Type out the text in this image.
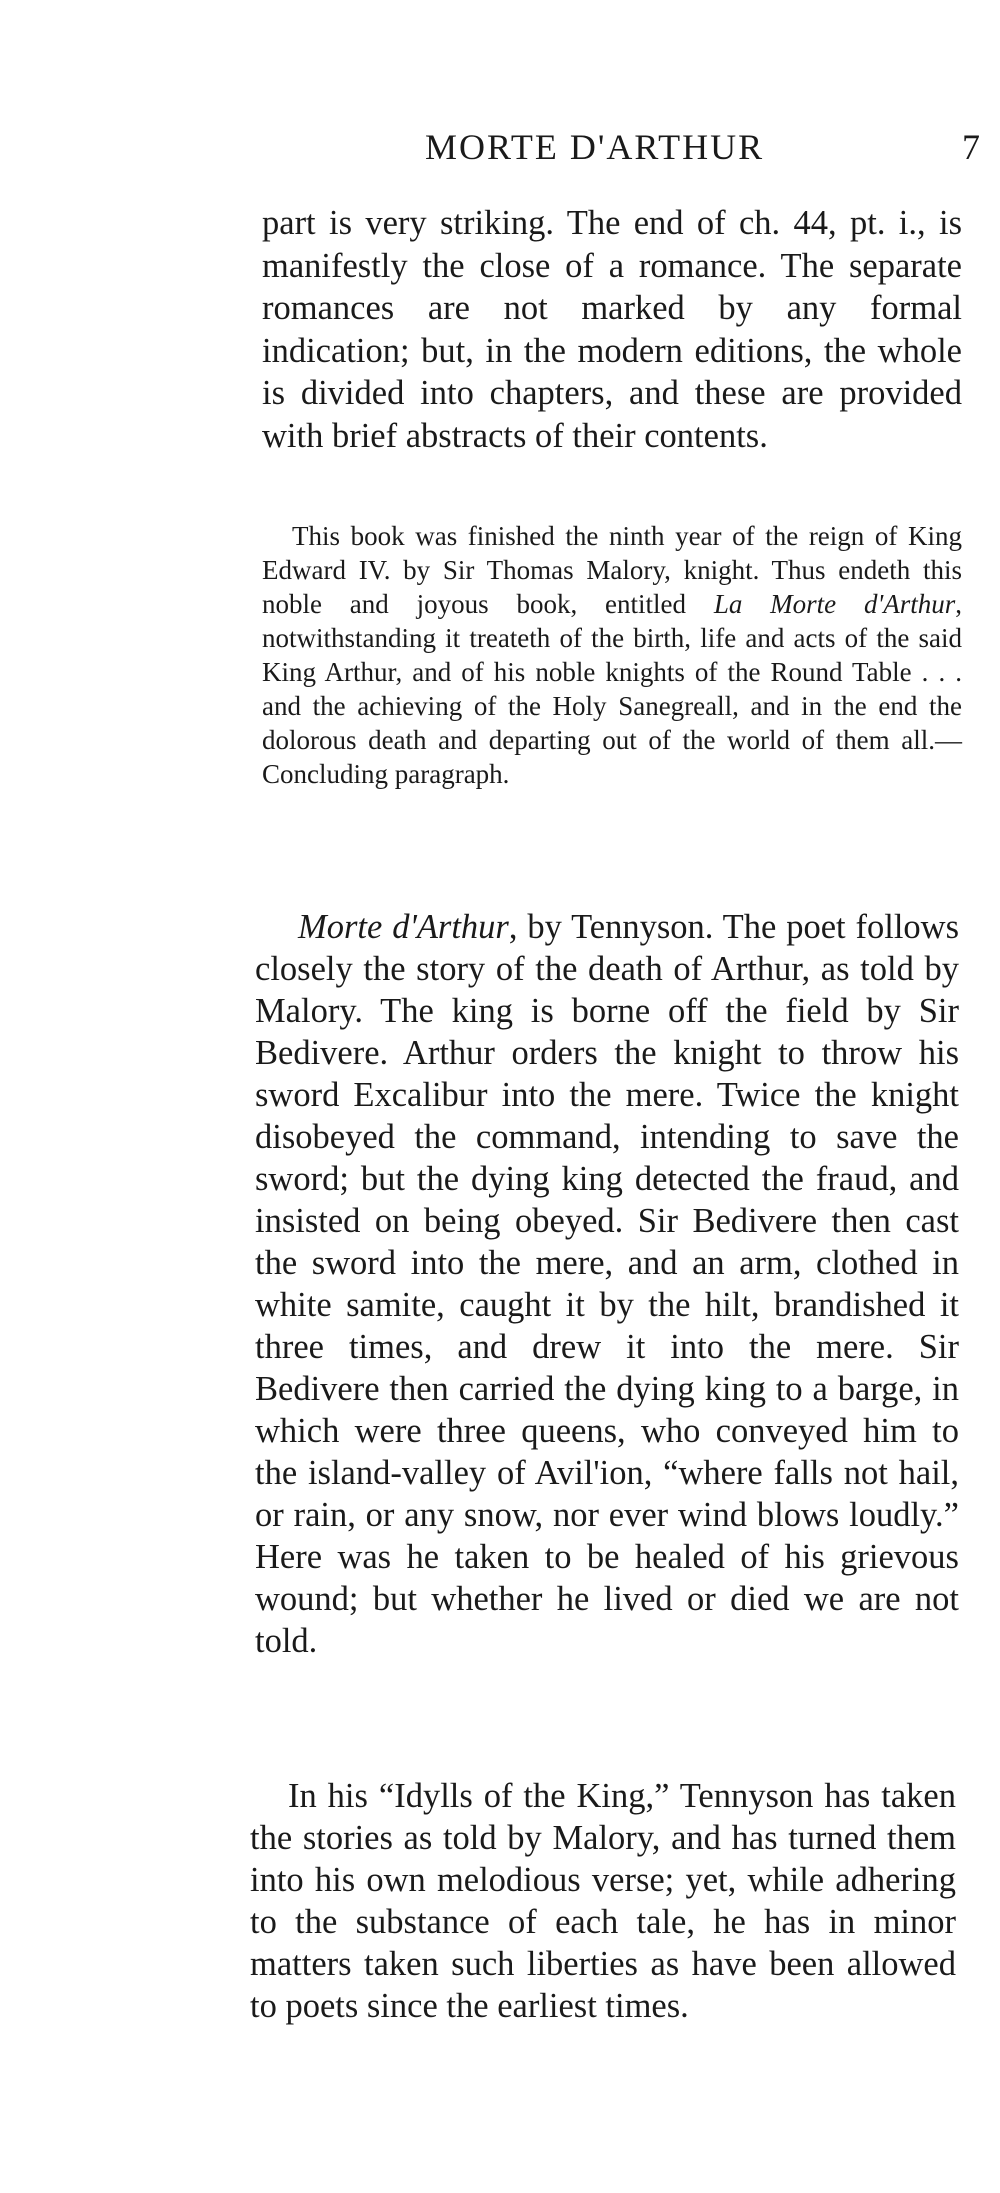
MORTE D'ARTHUR	7

part is very striking. The end of ch. 44, pt. i., is manifestly the close of a romance. The separate romances are not marked by any formal indication; but, in the modern editions, the whole is divided into chapters, and these are provided with brief abstracts of their contents.

This book was finished the ninth year of the reign of King Edward IV. by Sir Thomas Malory, knight. Thus endeth this noble and joyous book, entitled La Morte d'Arthur, notwithstanding it treateth of the birth, life and acts of the said King Arthur, and of his noble knights of the Round Table . . . and the achieving of the Holy Sanegreall, and in the end the dolorous death and departing out of the world of them all.—Concluding paragraph.

Morte d'Arthur, by Tennyson. The poet follows closely the story of the death of Arthur, as told by Malory. The king is borne off the field by Sir Bedivere. Arthur orders the knight to throw his sword Excalibur into the mere. Twice the knight disobeyed the command, intending to save the sword; but the dying king detected the fraud, and insisted on being obeyed. Sir Bedivere then cast the sword into the mere, and an arm, clothed in white samite, caught it by the hilt, brandished it three times, and drew it into the mere. Sir Bedivere then carried the dying king to a barge, in which were three queens, who conveyed him to the island-valley of Avil'ion, “where falls not hail, or rain, or any snow, nor ever wind blows loudly.” Here was he taken to be healed of his grievous wound; but whether he lived or died we are not told.

In his “Idylls of the King,” Tennyson has taken the stories as told by Malory, and has turned them into his own melodious verse; yet, while adhering to the substance of each tale, he has in minor matters taken such liberties as have been allowed to poets since the earliest times.
